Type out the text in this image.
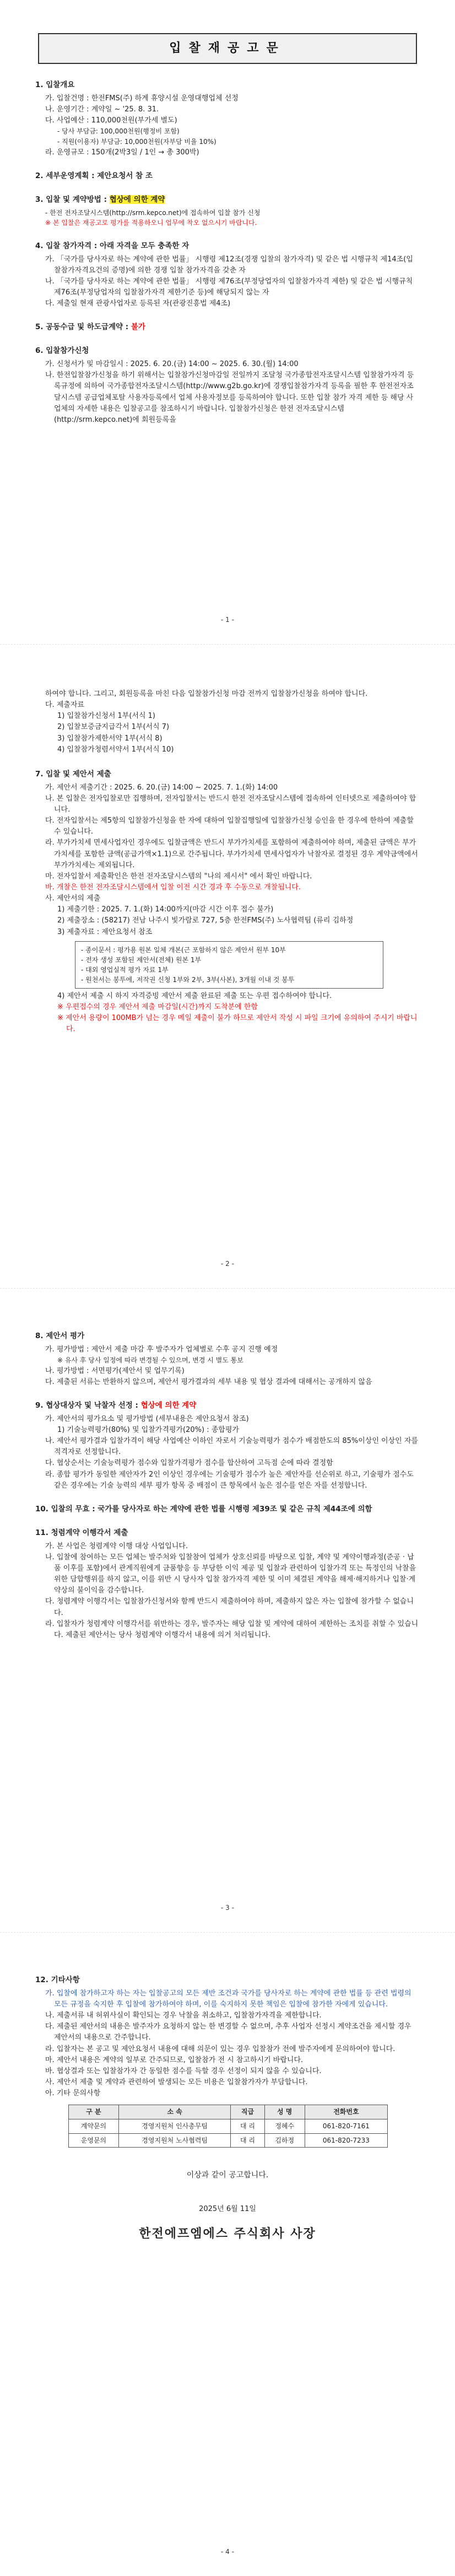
입찰재공고문
1. 입찰개요
가. 입찰건명 : 한전FMS(주) 하계 휴양시설 운영대행업체 선정
나. 운영기간 : 계약일 ~ '25. 8. 31.
다. 사업예산 : 110,000천원(부가세 별도)
- 당사 부담금: 100,000천원(행정비 포함)
- 직원(이용자) 부담금: 10,000천원(자부담 비율 10%)
라. 운영규모 : 150개(2박3일 / 1인 → 총 300박)
2. 세부운영계획 : 제안요청서 참 조
3. 입찰 및 계약방법 : 협상에 의한 계약
- 한전 전자조달시스템(http://srm.kepco.net)에 접속하여 입찰 참가 신청
※ 본 입찰은 재공고로 평가를 적용하오니 업무에 착오 없으시기 바랍니다.
4. 입찰 참가자격 : 아래 자격을 모두 충족한 자
가. 「국가를 당사자로 하는 계약에 관한 법률」 시행령 제12조(경쟁 입찰의 참가자격) 및 같은 법 시행규칙 제14조(입찰참가자격요건의 증명)에 의한 경쟁 입찰 참가자격을 갖춘 자
나. 「국가를 당사자로 하는 계약에 관한 법률」 시행령 제76조(부정당업자의 입찰참가자격 제한) 및 같은 법 시행규칙 제76조(부정당업자의 입찰참가자격 제한기준 등)에 해당되지 않는 자
다. 제출일 현재 관광사업자로 등록된 자(관광진흥법 제4조)
5. 공동수급 및 하도급계약 : 불가
6. 입찰참가신청
가. 신청서가 및 마감일시 : 2025. 6. 20.(금) 14:00 ~ 2025. 6. 30.(월) 14:00
나. 한전입찰참가신청을 하기 위해서는 입찰참가신청마감일 전일까지 조달청 국가종합전자조달시스템 입찰참가자격 등록규정에 의하여 국가종합전자조달시스템(http://www.g2b.go.kr)에 경쟁입찰참가자격 등록을 필한 후 한전전자조달시스템 공급업체포탈 사용자등록에서 업체 사용자정보를 등록하여야 합니다. 또한 입찰 참가 자격 제한 등 해당 사업체의 자세한 내용은 입찰공고를 참조하시기 바랍니다. 입찰참가신청은 한전 전자조달시스템(http://srm.kepco.net)에 회원등록을
- 1 -
하여야 합니다. 그리고, 회원등록을 마친 다음 입찰참가신청 마감 전까지 입찰참가신청을 하여야 합니다.
다. 제출자료
1) 입찰참가신청서 1부(서식 1)
2) 입찰보증금지급각서 1부(서식 7)
3) 입찰참가제한서약 1부(서식 8)
4) 입찰참가청렴서약서 1부(서식 10)
7. 입찰 및 제안서 제출
가. 제안서 제출기간 : 2025. 6. 20.(금) 14:00 ~ 2025. 7. 1.(화) 14:00
나. 본 입찰은 전자입찰로만 집행하며, 전자입찰서는 반드시 한전 전자조달시스템에 접속하여 인터넷으로 제출하여야 합니다.
다. 전자입찰서는 제5항의 입찰참가신청을 한 자에 대하여 입찰집행일에 입찰참가신청 승인을 한 경우에 한하여 제출할 수 있습니다.
라. 부가가치세 면세사업자인 경우에도 입찰금액은 반드시 부가가치세를 포함하여 제출하여야 하며, 제출된 금액은 부가가치세를 포함한 금액(공급가액×1.1)으로 간주됩니다. 부가가치세 면세사업자가 낙찰자로 결정된 경우 계약금액에서 부가가치세는 제외됩니다.
마. 전자입찰서 제출확인은 한전 전자조달시스템의 "나의 제시서" 에서 확인 바랍니다.
바. 개찰은 한전 전자조달시스템에서 입찰 이전 시간 경과 후 수동으로 개찰됩니다.
사. 제안서의 제출
1) 제출기한 : 2025. 7. 1.(화) 14:00까지(마감 시간 이후 접수 불가)
2) 제출장소 : (58217) 전남 나주시 빛가람로 727, 5층 한전FMS(주) 노사협력팀 (류리 김하정
3) 제출자료 : 제안요청서 참조
- 종이문서 : 평가용 원본 일체 개본(근 포함하지 않은 제안서 원부 10부
- 전자 생성 포함된 제안서(전체) 원본 1부
- 대외 영업실적 평가 자료 1부
- 원천서는 봉투에, 저작권 신청 1부와 2부, 3부(사본), 3개월 이내 것 봉투
4) 제안서 제출 시 하지 자격증빙 제안서 제출 완료된 제출 또는 우편 접수하여야 합니다.
※ 우편접수의 경우 제안서 제출 마감일(시간)까지 도착분에 한함
※ 제안서 용량이 100MB가 넘는 경우 메일 제출이 불가 하므로 제안서 작성 시 파일 크기에 유의하여 주시기 바랍니다.
- 2 -
8. 제안서 평가
가. 평가방법 : 제안서 제출 마감 후 발주자가 업체별로 수후 공지 진행 예정
※ 유사 후 당사 일정에 따라 변경될 수 있으며, 변경 시 별도 통보
나. 평가방법 : 서면평가(제안서 및 업무기록)
다. 제출된 서류는 반환하지 않으며, 제안서 평가결과의 세부 내용 및 협상 결과에 대해서는 공개하지 않음
9. 협상대상자 및 낙찰자 선정 : 협상에 의한 계약
가. 제안서의 평가요소 및 평가방법 (세부내용은 제안요청서 참조)
1) 기술능력평가(80%) 및 입찰가격평가(20%) : 종합평가
나. 제안서 평가결과 입찰가격이 해당 사업예산 이하인 자로서 기술능력평가 점수가 배점한도의 85%이상인 이상인 자를 적격자로 선정합니다.
다. 협상순서는 기술능력평가 점수와 입찰가격평가 점수를 합산하여 고득점 순에 따라 결정함
라. 종합 평가가 동일한 제안자가 2인 이상인 경우에는 기술평가 점수가 높은 제안자를 선순위로 하고, 기술평가 점수도 같은 경우에는 기술 능력의 세부 평가 항목 중 배점이 큰 항목에서 높은 점수를 얻은 자를 선정합니다.
10. 입찰의 무효 : 국가를 당사자로 하는 계약에 관한 법률 시행령 제39조 및 같은 규칙 제44조에 의함
11. 청렴계약 이행각서 제출
가. 본 사업은 청렴계약 이행 대상 사업입니다.
나. 입찰에 참여하는 모든 업체는 발주처와 입찰참여 업체가 상호신뢰를 바탕으로 입찰, 계약 및 계약이행과정(준공 · 납품 이후를 포함)에서 관계직원에게 금품향응 등 부당한 이익 제공 및 입찰과 관련하여 입찰가격 또는 특정인의 낙찰을 위한 담합행위를 하지 않고, 이를 위반 시 당사자 입찰 참가자격 제한 및 이미 체결된 계약을 해제·해지하거나 입찰·계약상의 불이익을 감수합니다.
다. 청렴계약 이행각서는 입찰참가신청서와 함께 반드시 제출하여야 하며, 제출하지 않은 자는 입찰에 참가할 수 없습니다.
라. 입찰자가 청렴계약 이행각서를 위반하는 경우, 발주자는 해당 입찰 및 계약에 대하여 제한하는 조치를 취할 수 있습니다. 제출된 제안서는 당사 청렴계약 이행각서 내용에 의거 처리됩니다.
- 3 -
12. 기타사항
가. 입찰에 참가하고자 하는 자는 입찰공고의 모든 제반 조건과 국가를 당사자로 하는 계약에 관한 법률 등 관련 법령의 모든 규정을 숙지한 후 입찰에 참가하여야 하며, 이를 숙지하지 못한 책임은 입찰에 참가한 자에게 있습니다.
나. 제출서류 내 허위사실이 확인되는 경우 낙찰을 취소하고, 입찰참가자격을 제한합니다.
다. 제출된 제안서의 내용은 발주자가 요청하지 않는 한 변경할 수 없으며, 추후 사업자 선정시 계약조건을 제시할 경우 제안서의 내용으로 간주합니다.
라. 입찰자는 본 공고 및 제안요청서 내용에 대해 의문이 있는 경우 입찰참가 전에 발주자에게 문의하여야 합니다.
마. 제안서 내용은 계약의 일부로 간주되므로, 입찰참가 전 시 참고하시기 바랍니다.
바. 협상결과 또는 입찰참가자 간 동일한 점수를 득할 경우 선정이 되지 않을 수 있습니다.
사. 제안서 제출 및 계약과 관련하여 발생되는 모든 비용은 입찰참가자가 부담합니다.
아. 기타 문의사항
구 분	소 속	직급	성 명	전화번호
계약문의	경영지원처 인사총무팀	대 리	정혜수	061-820-7161
운영문의	경영지원처 노사협력팀	대 리	김하정	061-820-7233
이상과 같이 공고합니다.
2025년 6월 11일
한전에프엠에스 주식회사 사장
- 4 -
